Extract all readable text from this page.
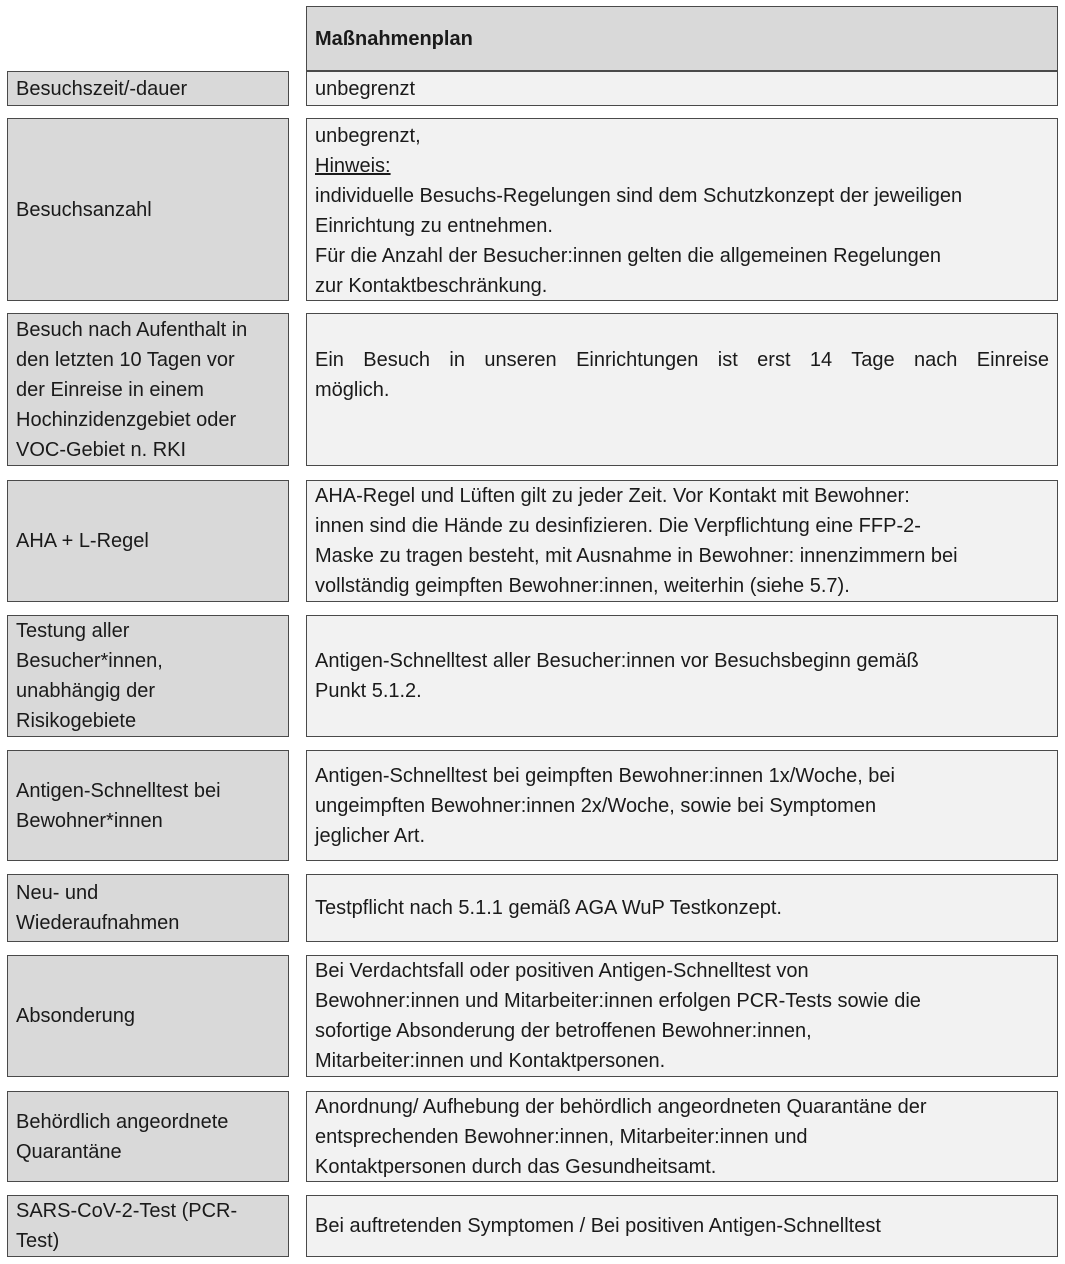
Maßnahmenplan
Besuchszeit/-dauer	unbegrenzt
Besuchsanzahl
unbegrenzt,
Hinweis:
individuelle Besuchs-Regelungen sind dem Schutzkonzept der jeweiligen
Einrichtung zu entnehmen.
Für die Anzahl der Besucher:innen gelten die allgemeinen Regelungen
zur Kontaktbeschränkung.
Besuch nach Aufenthalt in
den letzten 10 Tagen vor
der Einreise in einem
Hochinzidenzgebiet oder
VOC-Gebiet n. RKI
Ein Besuch in unseren Einrichtungen ist erst 14 Tage nach Einreise
möglich.
AHA + L-Regel
AHA-Regel und Lüften gilt zu jeder Zeit. Vor Kontakt mit Bewohner:
innen sind die Hände zu desinfizieren. Die Verpflichtung eine FFP-2-
Maske zu tragen besteht, mit Ausnahme in Bewohner: innenzimmern bei
vollständig geimpften Bewohner:innen, weiterhin (siehe 5.7).
Testung aller
Besucher*innen,
unabhängig der
Risikogebiete
Antigen-Schnelltest aller Besucher:innen vor Besuchsbeginn gemäß
Punkt 5.1.2.
Antigen-Schnelltest bei
Bewohner*innen
Antigen-Schnelltest bei geimpften Bewohner:innen 1x/Woche, bei
ungeimpften Bewohner:innen 2x/Woche, sowie bei Symptomen
jeglicher Art.
Neu- und
Wiederaufnahmen
Testpflicht nach 5.1.1 gemäß AGA WuP Testkonzept.
Absonderung
Bei Verdachtsfall oder positiven Antigen-Schnelltest von
Bewohner:innen und Mitarbeiter:innen erfolgen PCR-Tests sowie die
sofortige Absonderung der betroffenen Bewohner:innen,
Mitarbeiter:innen und Kontaktpersonen.
Behördlich angeordnete
Quarantäne
Anordnung/ Aufhebung der behördlich angeordneten Quarantäne der
entsprechenden Bewohner:innen, Mitarbeiter:innen und
Kontaktpersonen durch das Gesundheitsamt.
SARS-CoV-2-Test (PCR-
Test)
Bei auftretenden Symptomen / Bei positiven Antigen-Schnelltest
